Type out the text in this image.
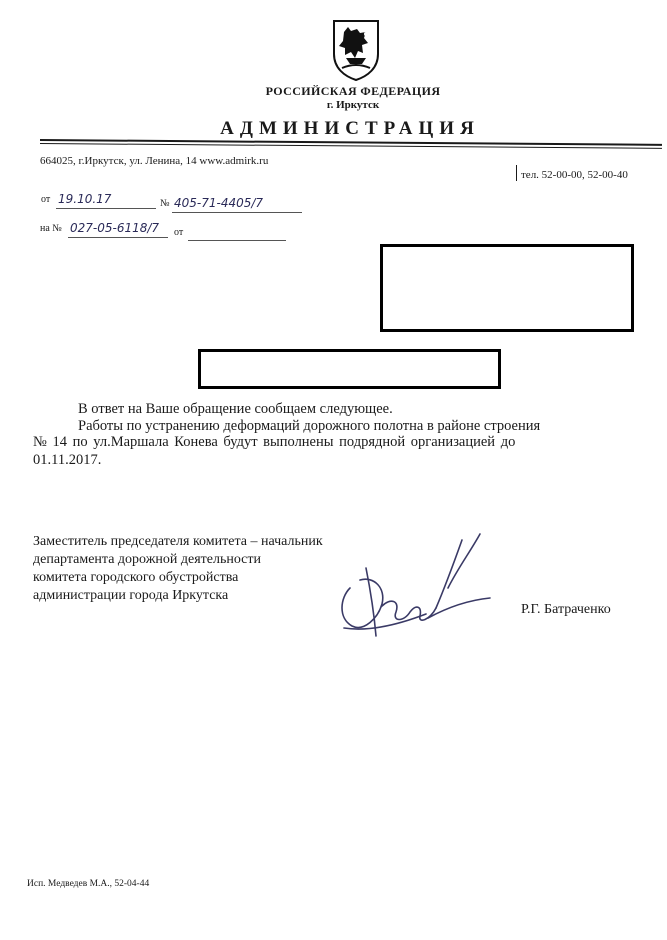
РОССИЙСКАЯ ФЕДЕРАЦИЯ
г. Иркутск
АДМИНИСТРАЦИЯ
664025, г.Иркутск, ул. Ленина, 14 www.admirk.ru
тел. 52-00-00, 52-00-40
от 19.10.17	№ 405-71-4405/7
на № 027-05-6118/7 от
В ответ на Ваше обращение сообщаем следующее.
Работы по устранению деформаций дорожного полотна в районе строения
№ 14 по ул.Маршала Конева будут выполнены подрядной организацией до
01.11.2017.
Заместитель председателя комитета – начальник
департамента дорожной деятельности
комитета городского обустройства
администрации города Иркутска
Р.Г. Батраченко
Исп. Медведев М.А., 52-04-44
